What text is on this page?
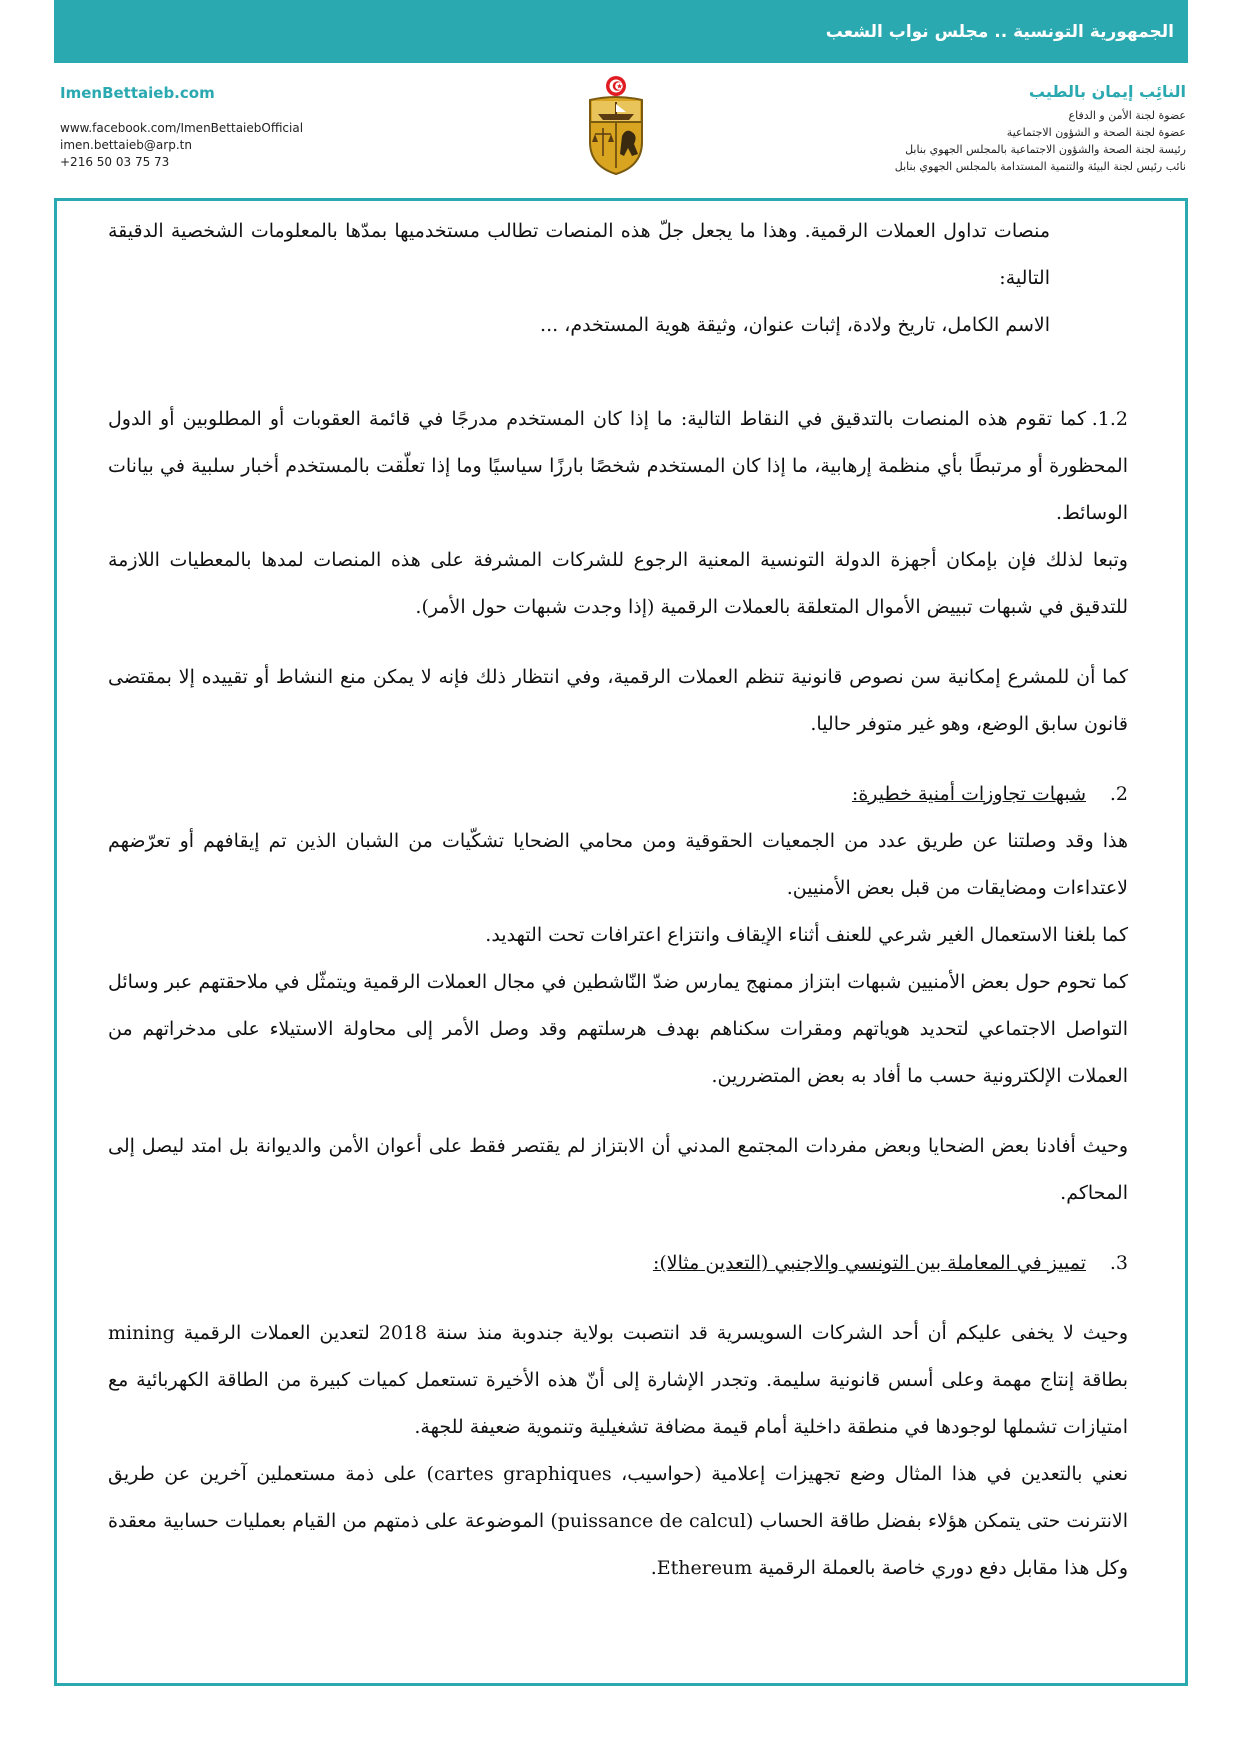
الجمهورية التونسية .. مجلس نواب الشعب
ImenBettaieb.com
www.facebook.com/ImenBettaiebOfficial
imen.bettaieb@arp.tn
+216 50 03 75 73
النائِب إيمان بالطيب
عضوة لجنة الأمن و الدفاع
عضوة لجنة الصحة و الشؤون الاجتماعية
رئيسة لجنة الصحة والشؤون الاجتماعية بالمجلس الجهوي بنابل
نائب رئيس لجنة البيئة والتنمية المستدامة بالمجلس الجهوي بنابل

منصات تداول العملات الرقمية. وهذا ما يجعل جلّ هذه المنصات تطالب مستخدميها بمدّها بالمعلومات الشخصية الدقيقة التالية:

الاسم الكامل، تاريخ ولادة، إثبات عنوان، وثيقة هوية المستخدم، ...

1.2.كما تقوم هذه المنصات بالتدقيق في النقاط التالية: ما إذا كان المستخدم مدرجًا في قائمة العقوبات أو المطلوبين أو الدول المحظورة أو مرتبطًا بأي منظمة إرهابية، ما إذا كان المستخدم شخصًا بارزًا سياسيًا وما إذا تعلّقت بالمستخدم أخبار سلبية في بيانات الوسائط.

وتبعا لذلك فإن بإمكان أجهزة الدولة التونسية المعنية الرجوع للشركات المشرفة على هذه المنصات لمدها بالمعطيات اللازمة للتدقيق في شبهات تبييض الأموال المتعلقة بالعملات الرقمية (إذا وجدت شبهات حول الأمر).

كما أن للمشرع إمكانية سن نصوص قانونية تنظم العملات الرقمية، وفي انتظار ذلك فإنه لا يمكن منع النشاط أو تقييده إلا بمقتضى قانون سابق الوضع، وهو غير متوفر حاليا.

2.شبهات تجاوزات أمنية خطيرة:

هذا وقد وصلتنا عن طريق عدد من الجمعيات الحقوقية ومن محامي الضحايا تشكّيات من الشبان الذين تم إيقافهم أو تعرّضهم لاعتداءات ومضايقات من قبل بعض الأمنيين.

كما بلغنا الاستعمال الغير شرعي للعنف أثناء الإيقاف وانتزاع اعترافات تحت التهديد.

كما تحوم حول بعض الأمنيين شبهات ابتزاز ممنهج يمارس ضدّ النّاشطين في مجال العملات الرقمية ويتمثّل في ملاحقتهم عبر وسائل التواصل الاجتماعي لتحديد هوياتهم ومقرات سكناهم بهدف هرسلتهم وقد وصل الأمر إلى محاولة الاستيلاء على مدخراتهم من العملات الإلكترونية حسب ما أفاد به بعض المتضررين.

وحيث أفادنا بعض الضحايا وبعض مفردات المجتمع المدني أن الابتزاز لم يقتصر فقط على أعوان الأمن والديوانة بل امتد ليصل إلى المحاكم.

3.تمييز في المعاملة بين التونسي والاجنبي (التعدين مثالا):

وحيث لا يخفى عليكم أن أحد الشركات السويسرية قد انتصبت بولاية جندوبة منذ سنة 2018 لتعدين العملات الرقمية mining بطاقة إنتاج مهمة وعلى أسس قانونية سليمة. وتجدر الإشارة إلى أنّ هذه الأخيرة تستعمل كميات كبيرة من الطاقة الكهربائية مع امتيازات تشملها لوجودها في منطقة داخلية أمام قيمة مضافة تشغيلية وتنموية ضعيفة للجهة.

نعني بالتعدين في هذا المثال وضع تجهيزات إعلامية (حواسيب، cartes graphiques) على ذمة مستعملين آخرين عن طريق الانترنت حتى يتمكن هؤلاء بفضل طاقة الحساب (puissance de calcul) الموضوعة على ذمتهم من القيام بعمليات حسابية معقدة وكل هذا مقابل دفع دوري خاصة بالعملة الرقمية Ethereum.
